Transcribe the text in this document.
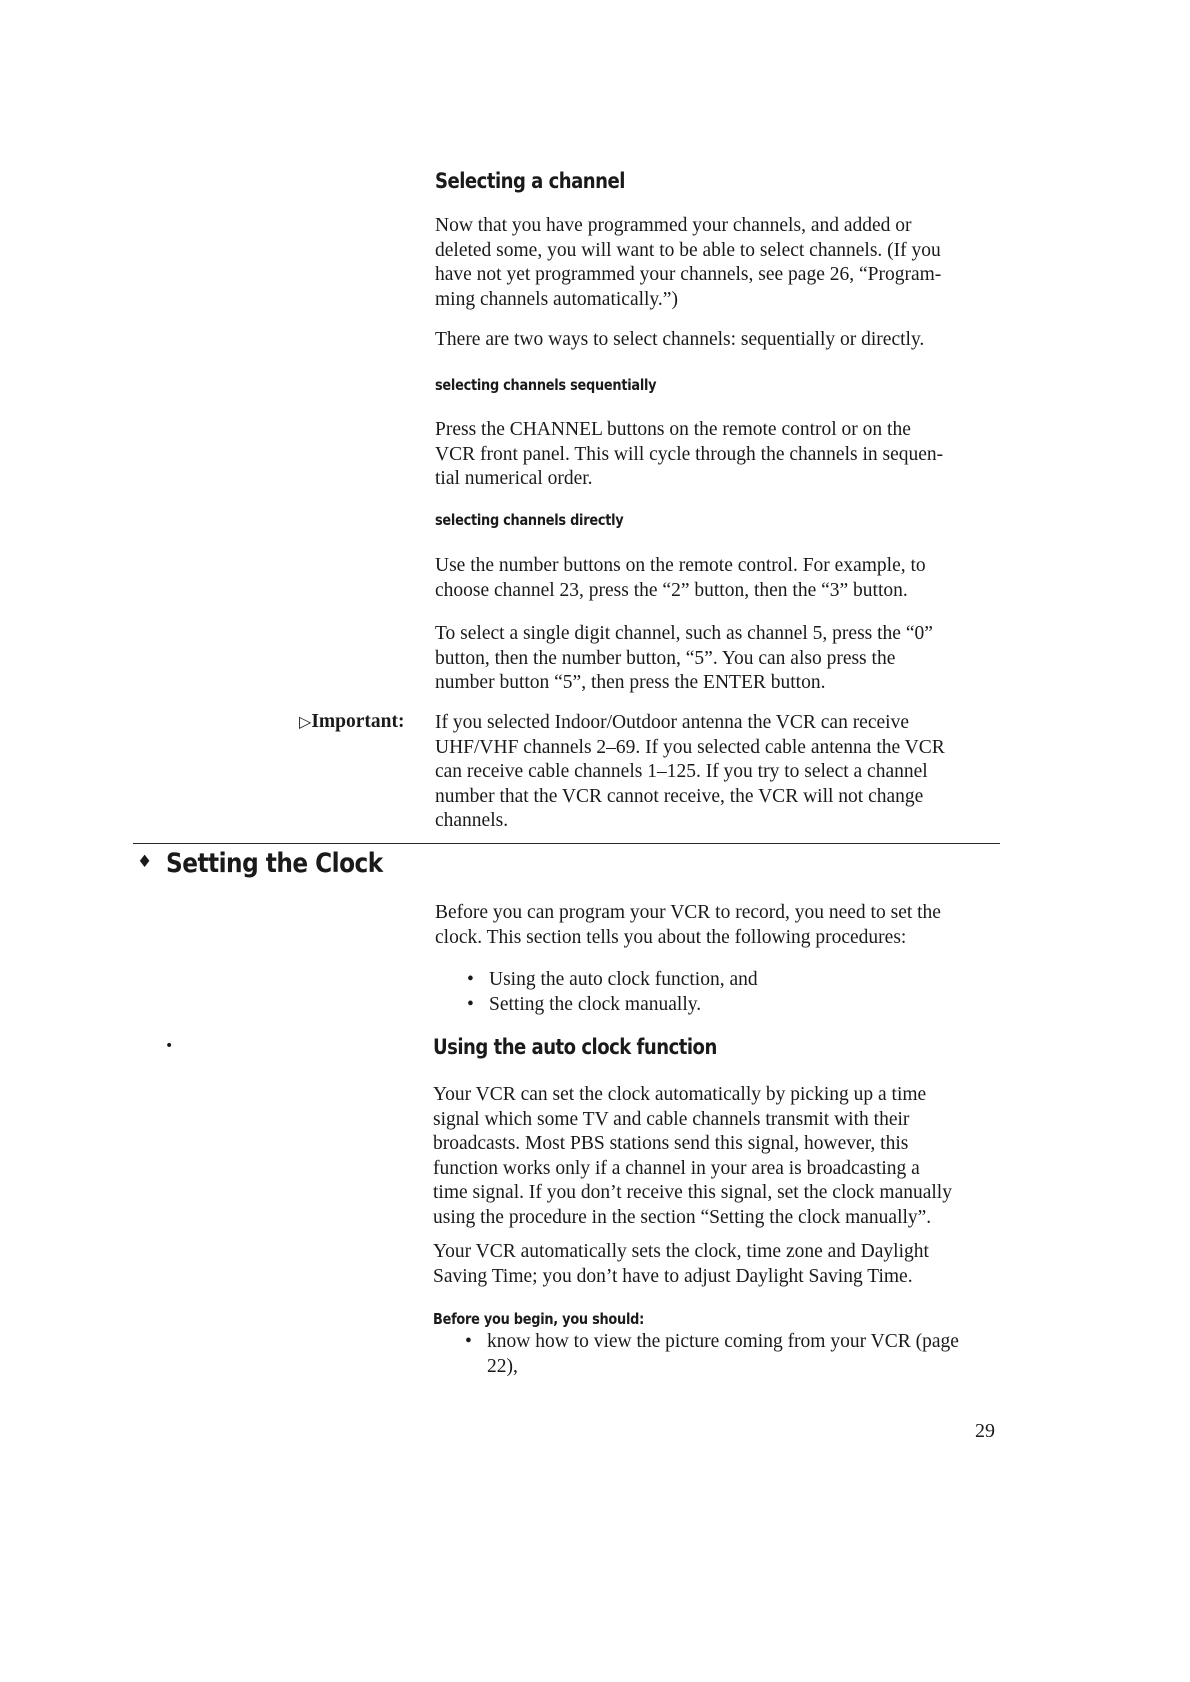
Selecting a channel
Now that you have programmed your channels, and added or
deleted some, you will want to be able to select channels. (If you
have not yet programmed your channels, see page 26, “Program-
ming channels automatically.”)
There are two ways to select channels: sequentially or directly.
selecting channels sequentially
Press the CHANNEL buttons on the remote control or on the
VCR front panel. This will cycle through the channels in sequen-
tial numerical order.
selecting channels directly
Use the number buttons on the remote control. For example, to
choose channel 23, press the “2” button, then the “3” button.
To select a single digit channel, such as channel 5, press the “0”
button, then the number button, “5”. You can also press the
number button “5”, then press the ENTER button.
▷Important: If you selected Indoor/Outdoor antenna the VCR can receive
UHF/VHF channels 2–69. If you selected cable antenna the VCR
can receive cable channels 1–125. If you try to select a channel
number that the VCR cannot receive, the VCR will not change
channels.
♦ Setting the Clock
Before you can program your VCR to record, you need to set the
clock. This section tells you about the following procedures:
• Using the auto clock function, and
• Setting the clock manually.
•	Using the auto clock function
Your VCR can set the clock automatically by picking up a time
signal which some TV and cable channels transmit with their
broadcasts. Most PBS stations send this signal, however, this
function works only if a channel in your area is broadcasting a
time signal. If you don’t receive this signal, set the clock manually
using the procedure in the section “Setting the clock manually”.
Your VCR automatically sets the clock, time zone and Daylight
Saving Time; you don’t have to adjust Daylight Saving Time.
Before you begin, you should:
• know how to view the picture coming from your VCR (page
22),
29
